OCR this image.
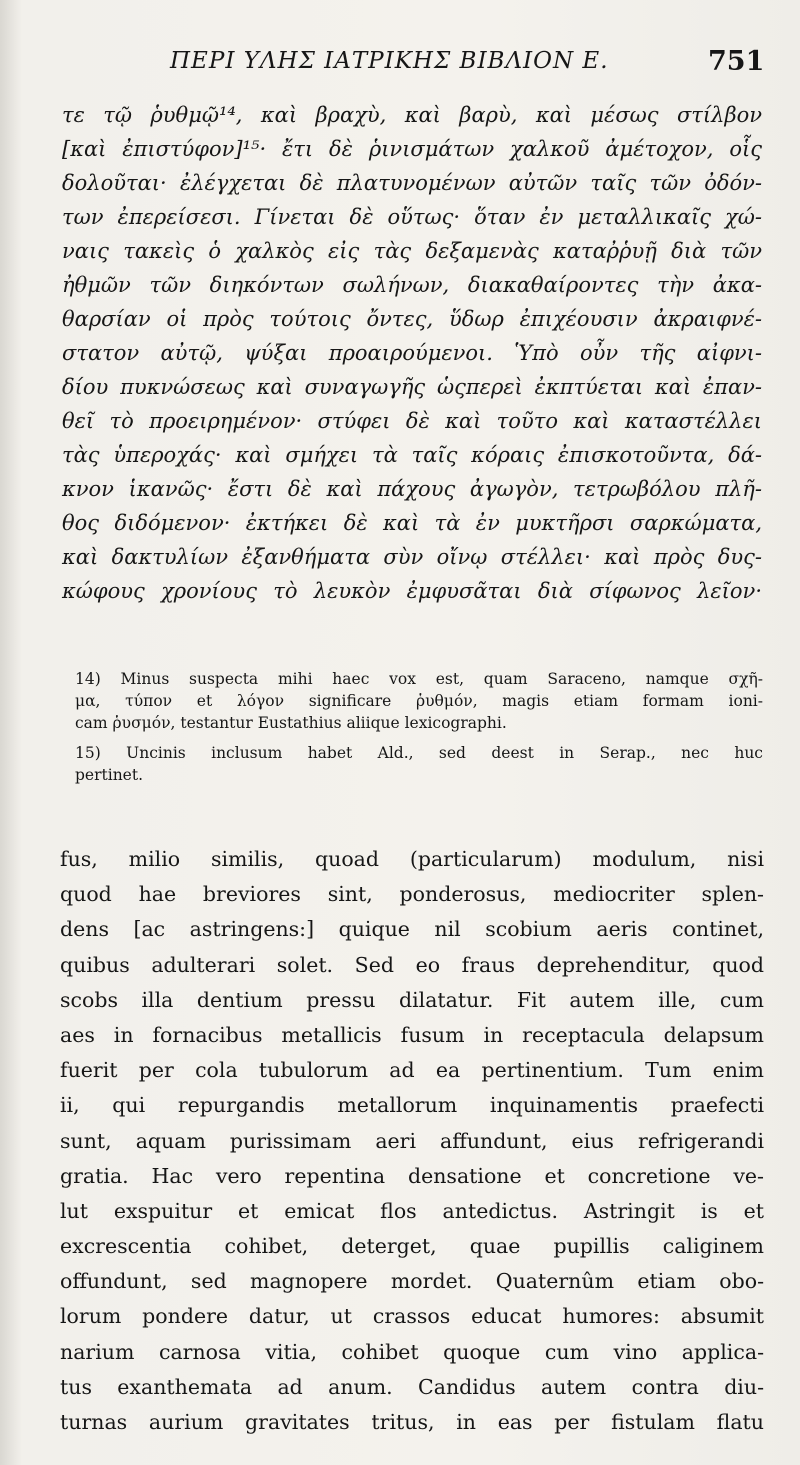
ΠΕΡΙ ΥΛΗΣ ΙΑΤΡΙΚΗΣ ΒΙΒΛΙΟΝ Ε.	751
τε τῷ ῥυθμῷ¹⁴, καὶ βραχὺ, καὶ βαρὺ, καὶ μέσως στίλβον
[καὶ ἐπιστύφον]¹⁵· ἔτι δὲ ῥινισμάτων χαλκοῦ ἀμέτοχον, οἷς
δολοῦται· ἐλέγχεται δὲ πλατυνομένων αὐτῶν ταῖς τῶν ὀδόν-
των ἐπερείσεσι. Γίνεται δὲ οὕτως· ὅταν ἐν μεταλλικαῖς χώ-
ναις τακεὶς ὁ χαλκὸς εἰς τὰς δεξαμενὰς καταῤῥυῇ διὰ τῶν
ἠθμῶν τῶν διηκόντων σωλήνων, διακαθαίροντες τὴν ἀκα-
θαρσίαν οἱ πρὸς τούτοις ὄντες, ὕδωρ ἐπιχέουσιν ἀκραιφνέ-
στατον αὐτῷ, ψύξαι προαιρούμενοι. Ὑπὸ οὖν τῆς αἰφνι-
δίου πυκνώσεως καὶ συναγωγῆς ὡςπερεὶ ἐκπτύεται καὶ ἐπαν-
θεῖ τὸ προειρημένον· στύφει δὲ καὶ τοῦτο καὶ καταστέλλει
τὰς ὑπεροχάς· καὶ σμήχει τὰ ταῖς κόραις ἐπισκοτοῦντα, δά-
κνον ἱκανῶς· ἔστι δὲ καὶ πάχους ἀγωγὸν, τετρωβόλου πλῆ-
θος διδόμενον· ἐκτήκει δὲ καὶ τὰ ἐν μυκτῆρσι σαρκώματα,
καὶ δακτυλίων ἐξανθήματα σὺν οἴνῳ στέλλει· καὶ πρὸς δυς-
κώφους χρονίους τὸ λευκὸν ἐμφυσᾶται διὰ σίφωνος λεῖον·
14) Minus suspecta mihi haec vox est, quam Saraceno, namque σχῆ-
μα, τύπον et λόγον significare ῥυθμόν, magis etiam formam ioni-
cam ῥυσμόν, testantur Eustathius aliique lexicographi.
15) Uncinis inclusum habet Ald., sed deest in Serap., nec huc
pertinet.
fus, milio similis, quoad (particularum) modulum, nisi
quod hae breviores sint, ponderosus, mediocriter splen-
dens [ac astringens:] quique nil scobium aeris continet,
quibus adulterari solet. Sed eo fraus deprehenditur, quod
scobs illa dentium pressu dilatatur. Fit autem ille, cum
aes in fornacibus metallicis fusum in receptacula delapsum
fuerit per cola tubulorum ad ea pertinentium. Tum enim
ii, qui repurgandis metallorum inquinamentis praefecti
sunt, aquam purissimam aeri affundunt, eius refrigerandi
gratia. Hac vero repentina densatione et concretione ve-
lut exspuitur et emicat flos antedictus. Astringit is et
excrescentia cohibet, deterget, quae pupillis caliginem
offundunt, sed magnopere mordet. Quaternûm etiam obo-
lorum pondere datur, ut crassos educat humores: absumit
narium carnosa vitia, cohibet quoque cum vino applica-
tus exanthemata ad anum. Candidus autem contra diu-
turnas aurium gravitates tritus, in eas per fistulam flatu
